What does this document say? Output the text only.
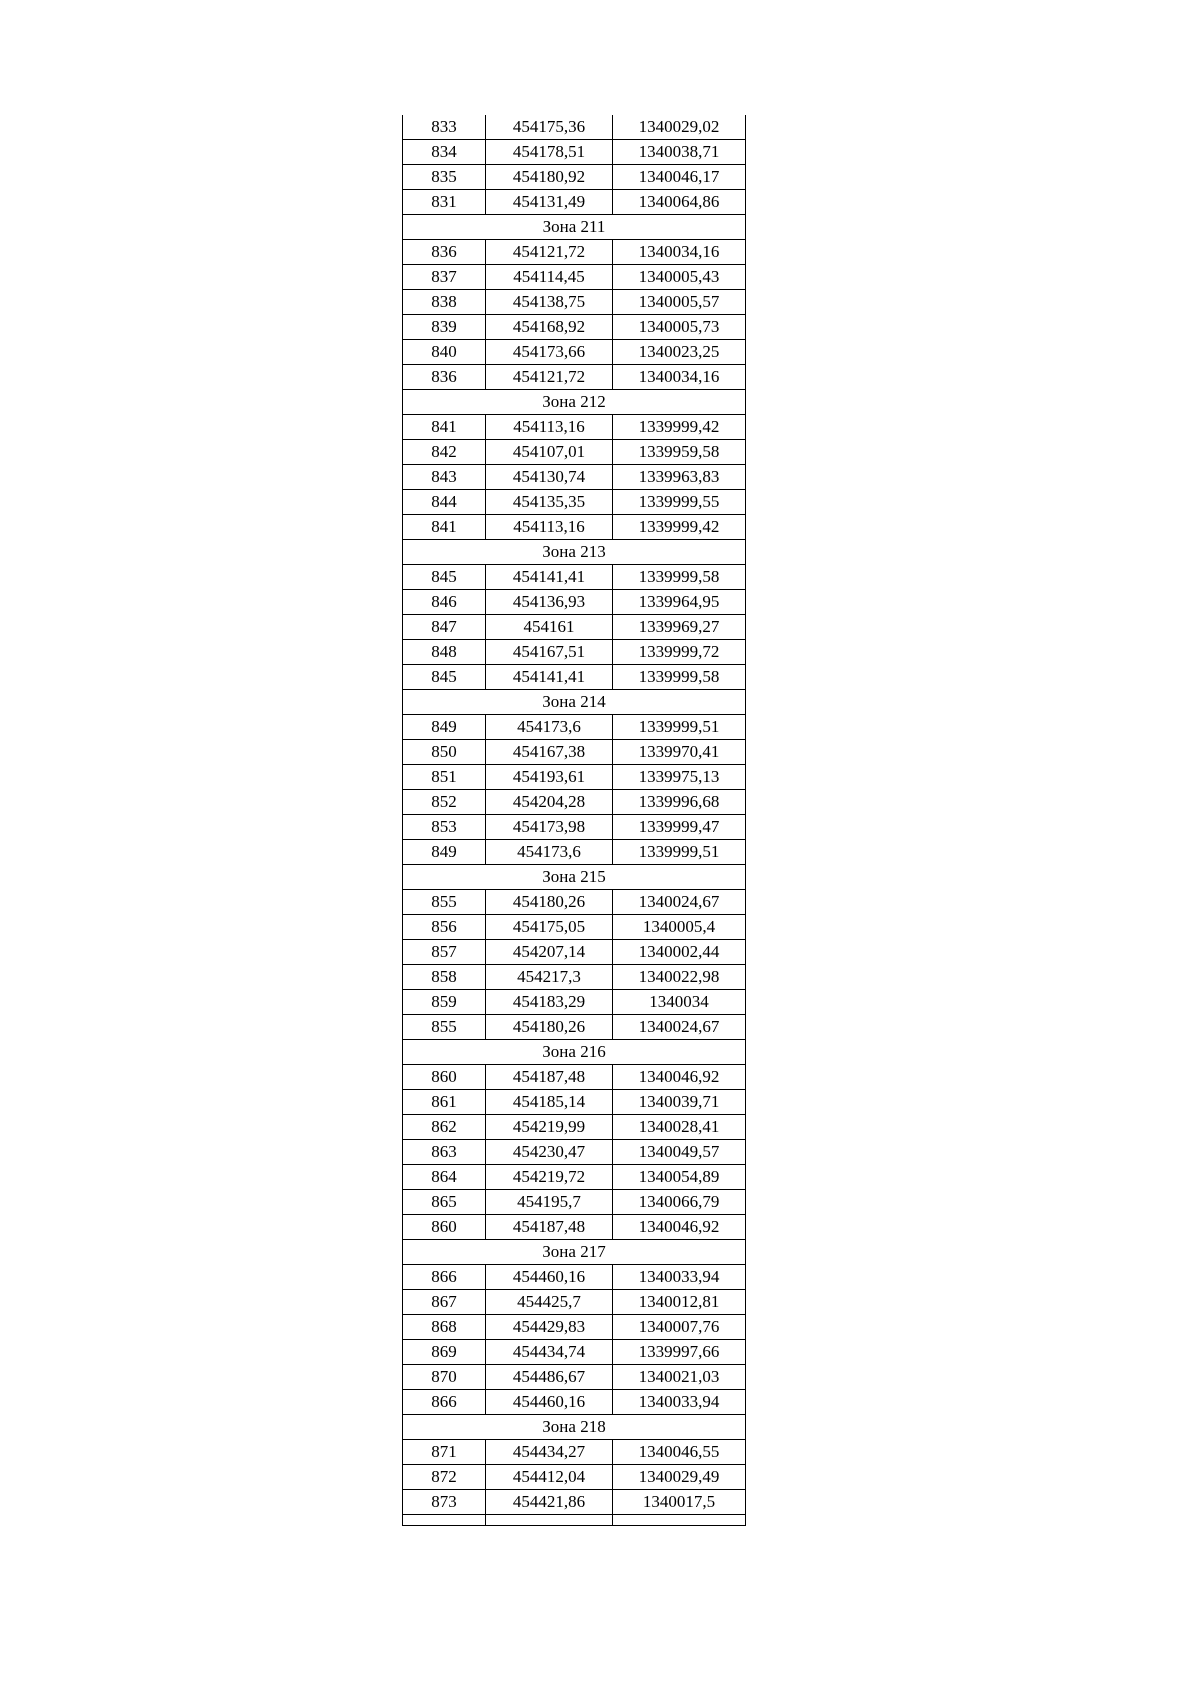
833	454175,36	1340029,02
834	454178,51	1340038,71
835	454180,92	1340046,17
831	454131,49	1340064,86
Зона 211		
836	454121,72	1340034,16
837	454114,45	1340005,43
838	454138,75	1340005,57
839	454168,92	1340005,73
840	454173,66	1340023,25
836	454121,72	1340034,16
Зона 212		
841	454113,16	1339999,42
842	454107,01	1339959,58
843	454130,74	1339963,83
844	454135,35	1339999,55
841	454113,16	1339999,42
Зона 213		
845	454141,41	1339999,58
846	454136,93	1339964,95
847	454161	1339969,27
848	454167,51	1339999,72
845	454141,41	1339999,58
Зона 214		
849	454173,6	1339999,51
850	454167,38	1339970,41
851	454193,61	1339975,13
852	454204,28	1339996,68
853	454173,98	1339999,47
849	454173,6	1339999,51
Зона 215		
855	454180,26	1340024,67
856	454175,05	1340005,4
857	454207,14	1340002,44
858	454217,3	1340022,98
859	454183,29	1340034
855	454180,26	1340024,67
Зона 216		
860	454187,48	1340046,92
861	454185,14	1340039,71
862	454219,99	1340028,41
863	454230,47	1340049,57
864	454219,72	1340054,89
865	454195,7	1340066,79
860	454187,48	1340046,92
Зона 217		
866	454460,16	1340033,94
867	454425,7	1340012,81
868	454429,83	1340007,76
869	454434,74	1339997,66
870	454486,67	1340021,03
866	454460,16	1340033,94
Зона 218		
871	454434,27	1340046,55
872	454412,04	1340029,49
873	454421,86	1340017,5
